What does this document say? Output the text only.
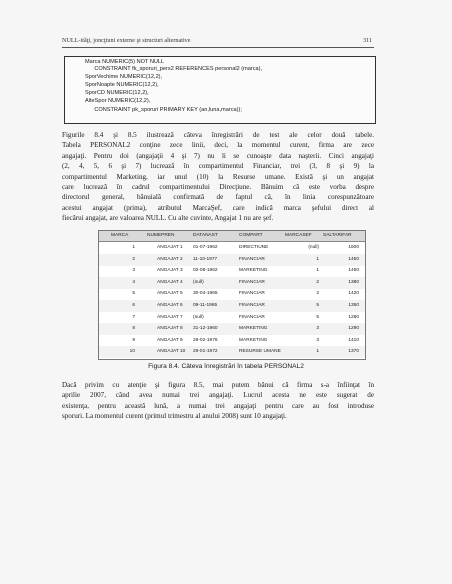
NULL-ităţi, joncţiuni externe şi structuri alternative	311
Marca NUMERIC(5) NOT NULL
CONSTRAINT fk_sporuri_pers2 REFERENCES personal2 (marca),
SporVechime NUMERIC(12,2),
SporNoapte NUMERIC(12,2),
SporCD NUMERIC(12,2),
AlteSpor NUMERIC(12,2),
CONSTRAINT pk_sporuri PRIMARY KEY (an,luna,marca));
Figurile 8.4 şi 8.5 ilustrează câteva înregistrări de test ale celor două tabele.
Tabela PERSONAL2 conţine zece linii, deci, la momentul curent, firma are zece
angajaţi. Pentru doi (angajaţii 4 şi 7) nu li se cunoaşte data naşterii. Cinci angajaţi
(2, 4, 5, 6 şi 7) lucrează în compartimentul Financiar, trei (3, 8 şi 9) la
compartimentul Marketing, iar unul (10) la Resurse umane. Există şi un angajat
care lucrează în cadrul compartimentului Direcţiune. Bănuim că este vorba despre
directorul general, bănuială confirmată de faptul că, în linia corespunzătoare
acestui angajat (prima), atributul MarcaŞef, care indică marca şefului direct al
fiecărui angajat, are valoarea NULL. Cu alte cuvinte, Angajat 1 nu are şef.
MARCA	NUMEPREN	DATANAST	COMPART	MARCASEF SALTARIFAR
1	ANGAJAT 1	01-07-1962	DIRECTIUNE	(null)	1600
2	ANGAJAT 2	11-10-1977	FINANCIAR	1	1450
3	ANGAJAT 3	02-08-1962	MARKETING	1	1450
4	ANGAJAT 4	(null)	FINANCIAR	2	1380
5	ANGAJAT 5	30-04-1965	FINANCIAR	2	1420
6	ANGAJAT 6	09-11-1965	FINANCIAR	5	1350
7	ANGAJAT 7	(null)	FINANCIAR	5	1280
8	ANGAJAT 8	31-12-1960	MARKETING	3	1290
9	ANGAJAT 9	28-02-1976	MARKETING	3	1410
10	ANGAJAT 10	29-01-1972	RESURSE UMANE	1	1370
Figura 8.4. Câteva înregistrări în tabela PERSONAL2
Dacă privim cu atenţie şi figura 8.5, mai putem bănui că firma s-a înfiinţat în
aprilie 2007, când avea numai trei angajaţi. Lucrul acesta ne este sugerat de
existenţa, pentru această lună, a numai trei angajaţi pentru care au fost introduse
sporuri. La momentul curent (primul trimestru al anului 2008) sunt 10 angajaţi.
